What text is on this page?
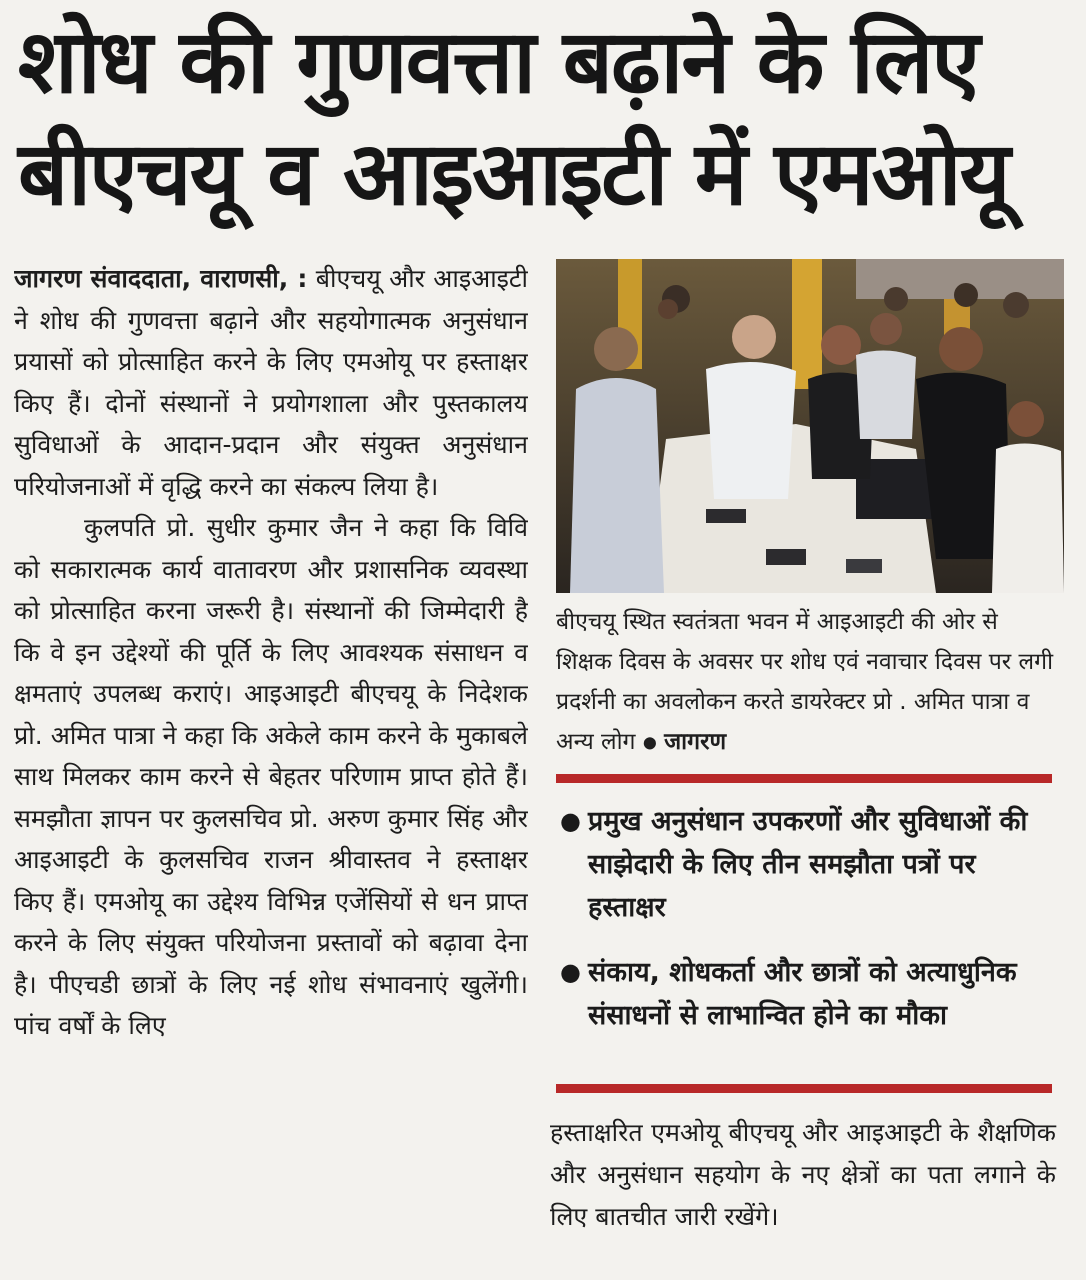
शोध की गुणवत्ता बढ़ाने के लिए
बीएचयू व आइआइटी में एमओयू

जागरण संवाददाता, वाराणसी, : बीएचयू और आइआइटी ने शोध की गुणवत्ता बढ़ाने और सहयोगात्मक अनुसंधान प्रयासों को प्रोत्साहित करने के लिए एमओयू पर हस्ताक्षर किए हैं। दोनों संस्थानों ने प्रयोगशाला और पुस्तकालय सुविधाओं के आदान-प्रदान और संयुक्त अनुसंधान परियोजनाओं में वृद्धि करने का संकल्प लिया है।

कुलपति प्रो. सुधीर कुमार जैन ने कहा कि विवि को सकारात्मक कार्य वातावरण और प्रशासनिक व्यवस्था को प्रोत्साहित करना जरूरी है। संस्थानों की जिम्मेदारी है कि वे इन उद्देश्यों की पूर्ति के लिए आवश्यक संसाधन व क्षमताएं उपलब्ध कराएं। आइआइटी बीएचयू के निदेशक प्रो. अमित पात्रा ने कहा कि अकेले काम करने के मुकाबले साथ मिलकर काम करने से बेहतर परिणाम प्राप्त होते हैं। समझौता ज्ञापन पर कुलसचिव प्रो. अरुण कुमार सिंह और आइआइटी के कुलसचिव राजन श्रीवास्तव ने हस्ताक्षर किए हैं। एमओयू का उद्देश्य विभिन्न एजेंसियों से धन प्राप्त करने के लिए संयुक्त परियोजना प्रस्तावों को बढ़ावा देना है। पीएचडी छात्रों के लिए नई शोध संभावनाएं खुलेंगी। पांच वर्षों के लिए

बीएचयू स्थित स्वतंत्रता भवन में आइआइटी की ओर से शिक्षक दिवस के अवसर पर शोध एवं नवाचार दिवस पर लगी प्रदर्शनी का अवलोकन करते डायरेक्टर प्रो . अमित पात्रा व अन्य लोग ● जागरण
● प्रमुख अनुसंधान उपकरणों और सुविधाओं की साझेदारी के लिए तीन समझौता पत्रों पर हस्ताक्षर
● संकाय, शोधकर्ता और छात्रों को अत्याधुनिक संसाधनों से लाभान्वित होने का मौका

हस्ताक्षरित एमओयू बीएचयू और आइआइटी के शैक्षणिक और अनुसंधान सहयोग के नए क्षेत्रों का पता लगाने के लिए बातचीत जारी रखेंगे।
